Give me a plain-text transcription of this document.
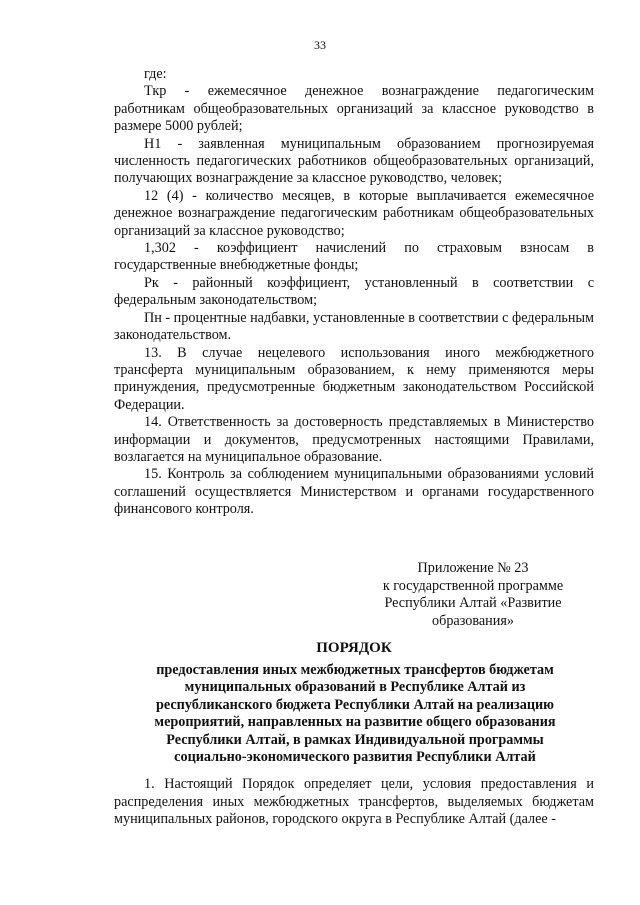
33

где:

Ткр - ежемесячное денежное вознаграждение педагогическим работникам общеобразовательных организаций за классное руководство в размере 5000 рублей;

Н1 - заявленная муниципальным образованием прогнозируемая численность педагогических работников общеобразовательных организаций, получающих вознаграждение за классное руководство, человек;

12 (4) - количество месяцев, в которые выплачивается ежемесячное денежное вознаграждение педагогическим работникам общеобразовательных организаций за классное руководство;

1,302 - коэффициент начислений по страховым взносам в государственные внебюджетные фонды;

Рк - районный коэффициент, установленный в соответствии с федеральным законодательством;

Пн - процентные надбавки, установленные в соответствии с федеральным законодательством.

13. В случае нецелевого использования иного межбюджетного трансферта муниципальным образованием, к нему применяются меры принуждения, предусмотренные бюджетным законодательством Российской Федерации.

14. Ответственность за достоверность представляемых в Министерство информации и документов, предусмотренных настоящими Правилами, возлагается на муниципальное образование.

15. Контроль за соблюдением муниципальными образованиями условий соглашений осуществляется Министерством и органами государственного финансового контроля.

Приложение № 23
к государственной программе
Республики Алтай «Развитие
образования»
ПОРЯДОК
предоставления иных межбюджетных трансфертов бюджетам
муниципальных образований в Республике Алтай из
республиканского бюджета Республики Алтай на реализацию
мероприятий, направленных на развитие общего образования
Республики Алтай, в рамках Индивидуальной программы
социально-экономического развития Республики Алтай

1. Настоящий Порядок определяет цели, условия предоставления и распределения иных межбюджетных трансфертов, выделяемых бюджетам муниципальных районов, городского округа в Республике Алтай (далее -
